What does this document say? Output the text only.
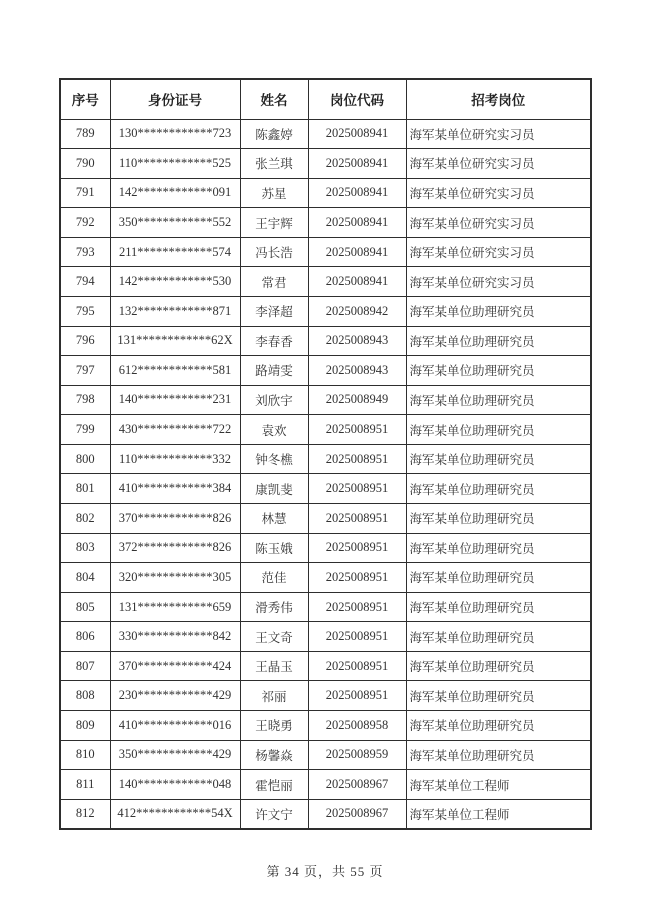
序号	身份证号	姓名	岗位代码	招考岗位
789	130************723	陈鑫婷	2025008941	海军某单位研究实习员
790	110************525	张兰琪	2025008941	海军某单位研究实习员
791	142************091	苏星	2025008941	海军某单位研究实习员
792	350************552	王宇辉	2025008941	海军某单位研究实习员
793	211************574	冯长浩	2025008941	海军某单位研究实习员
794	142************530	常君	2025008941	海军某单位研究实习员
795	132************871	李泽超	2025008942	海军某单位助理研究员
796	131************62X	李春香	2025008943	海军某单位助理研究员
797	612************581	路靖雯	2025008943	海军某单位助理研究员
798	140************231	刘欣宇	2025008949	海军某单位助理研究员
799	430************722	袁欢	2025008951	海军某单位助理研究员
800	110************332	钟冬樵	2025008951	海军某单位助理研究员
801	410************384	康凯斐	2025008951	海军某单位助理研究员
802	370************826	林慧	2025008951	海军某单位助理研究员
803	372************826	陈玉娥	2025008951	海军某单位助理研究员
804	320************305	范佳	2025008951	海军某单位助理研究员
805	131************659	滑秀伟	2025008951	海军某单位助理研究员
806	330************842	王文奇	2025008951	海军某单位助理研究员
807	370************424	王晶玉	2025008951	海军某单位助理研究员
808	230************429	祁丽	2025008951	海军某单位助理研究员
809	410************016	王晓勇	2025008958	海军某单位助理研究员
810	350************429	杨馨焱	2025008959	海军某单位助理研究员
811	140************048	霍恺丽	2025008967	海军某单位工程师
812	412************54X	许文宁	2025008967	海军某单位工程师
第 34 页，共 55 页
